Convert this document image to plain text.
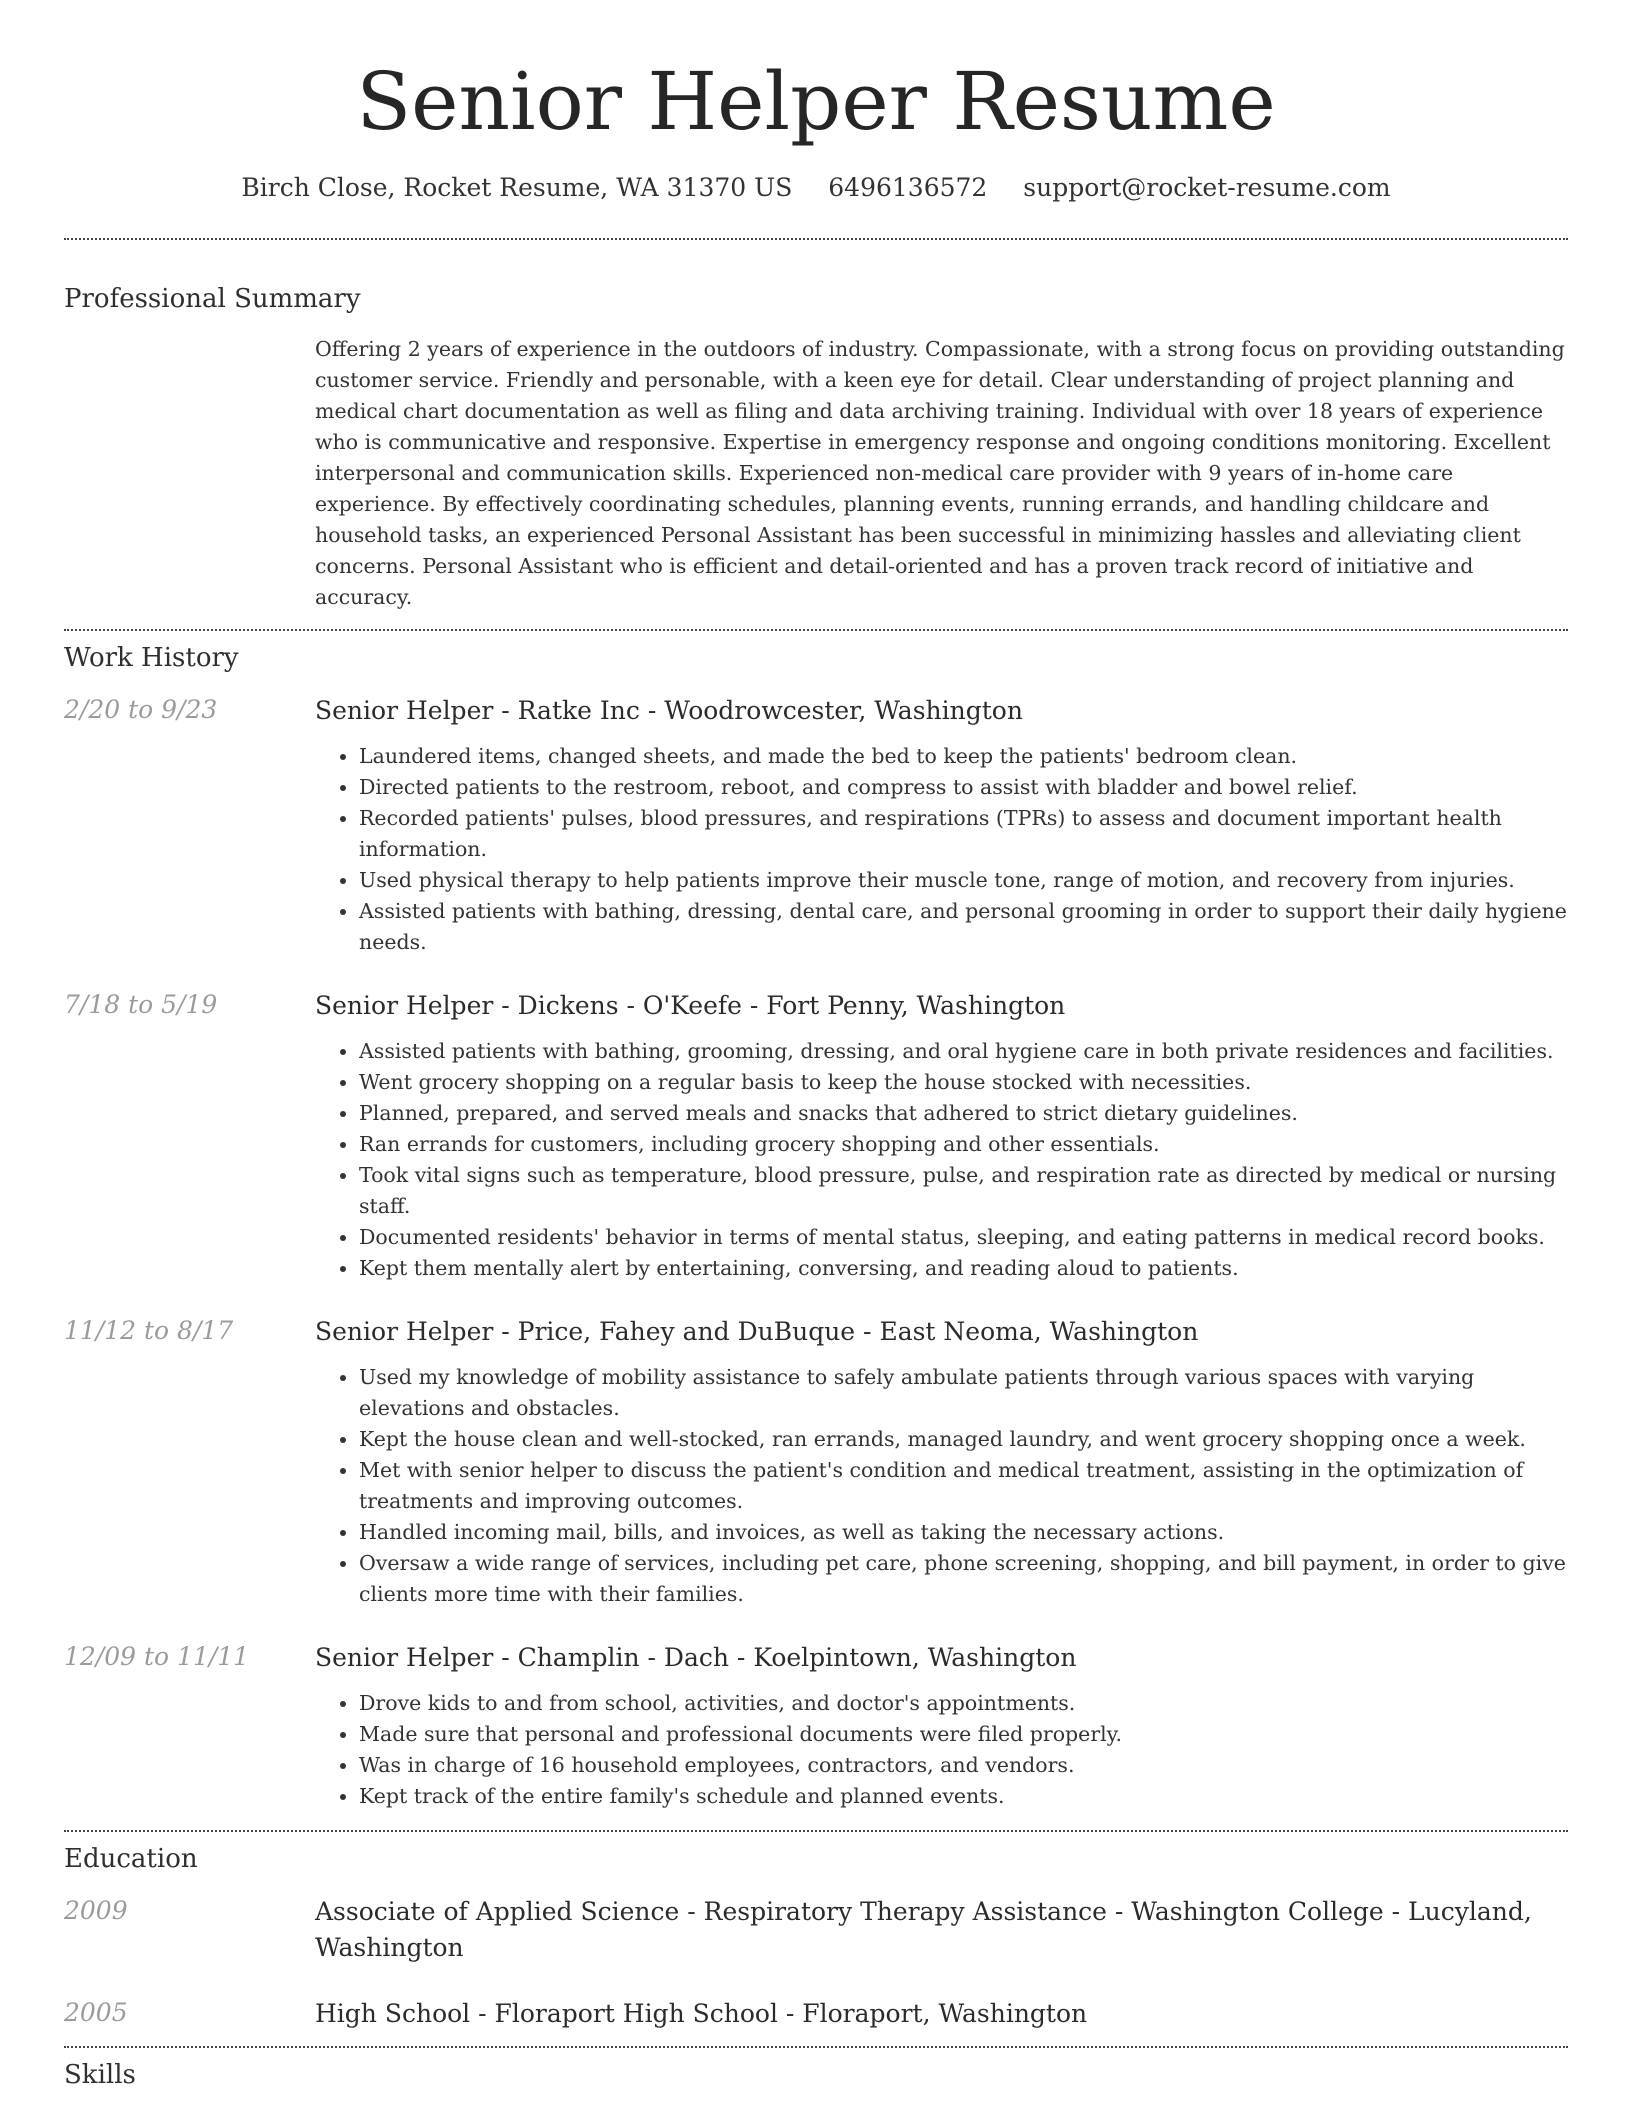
Senior Helper Resume
Birch Close, Rocket Resume, WA 31370 US 6496136572 support@rocket-resume.com
Professional Summary

Offering 2 years of experience in the outdoors of industry. Compassionate, with a strong focus on providing outstanding customer service. Friendly and personable, with a keen eye for detail. Clear understanding of project planning and medical chart documentation as well as filing and data archiving training. Individual with over 18 years of experience who is communicative and responsive. Expertise in emergency response and ongoing conditions monitoring. Excellent interpersonal and communication skills. Experienced non-medical care provider with 9 years of in-home care experience. By effectively coordinating schedules, planning events, running errands, and handling childcare and household tasks, an experienced Personal Assistant has been successful in minimizing hassles and alleviating client concerns. Personal Assistant who is efficient and detail-oriented and has a proven track record of initiative and accuracy.

Work History
2/20 to 9/23	Senior Helper - Ratke Inc - Woodrowcester, Washington
• Laundered items, changed sheets, and made the bed to keep the patients' bedroom clean.
• Directed patients to the restroom, reboot, and compress to assist with bladder and bowel relief.
• Recorded patients' pulses, blood pressures, and respirations (TPRs) to assess and document important health information.
• Used physical therapy to help patients improve their muscle tone, range of motion, and recovery from injuries.
• Assisted patients with bathing, dressing, dental care, and personal grooming in order to support their daily hygiene needs.
7/18 to 5/19	Senior Helper - Dickens - O'Keefe - Fort Penny, Washington
• Assisted patients with bathing, grooming, dressing, and oral hygiene care in both private residences and facilities.
• Went grocery shopping on a regular basis to keep the house stocked with necessities.
• Planned, prepared, and served meals and snacks that adhered to strict dietary guidelines.
• Ran errands for customers, including grocery shopping and other essentials.
• Took vital signs such as temperature, blood pressure, pulse, and respiration rate as directed by medical or nursing staff.
• Documented residents' behavior in terms of mental status, sleeping, and eating patterns in medical record books.
• Kept them mentally alert by entertaining, conversing, and reading aloud to patients.
11/12 to 8/17	Senior Helper - Price, Fahey and DuBuque - East Neoma, Washington
• Used my knowledge of mobility assistance to safely ambulate patients through various spaces with varying elevations and obstacles.
• Kept the house clean and well-stocked, ran errands, managed laundry, and went grocery shopping once a week.
• Met with senior helper to discuss the patient's condition and medical treatment, assisting in the optimization of treatments and improving outcomes.
• Handled incoming mail, bills, and invoices, as well as taking the necessary actions.
• Oversaw a wide range of services, including pet care, phone screening, shopping, and bill payment, in order to give clients more time with their families.
12/09 to 11/11	Senior Helper - Champlin - Dach - Koelpintown, Washington
• Drove kids to and from school, activities, and doctor's appointments.
• Made sure that personal and professional documents were filed properly.
• Was in charge of 16 household employees, contractors, and vendors.
• Kept track of the entire family's schedule and planned events.
Education
2009	Associate of Applied Science - Respiratory Therapy Assistance - Washington College - Lucyland, Washington
2005	High School - Floraport High School - Floraport, Washington
Skills
